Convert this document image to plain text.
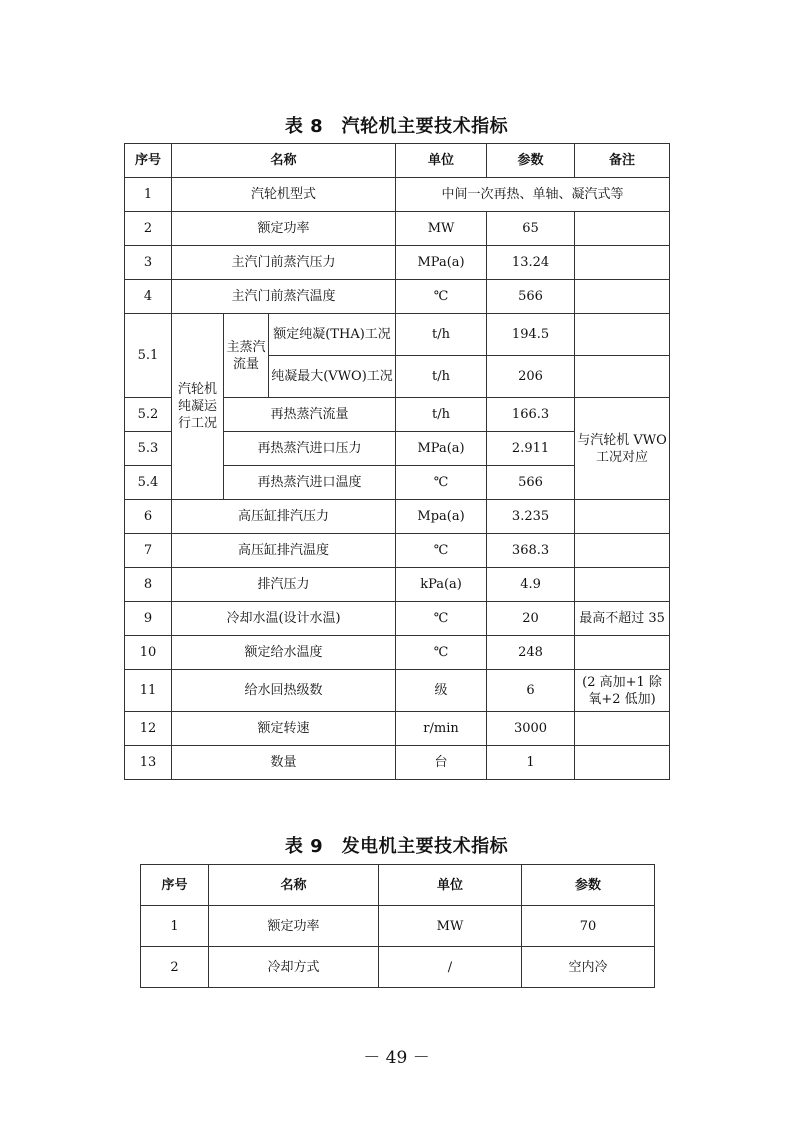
表 8　汽轮机主要技术指标
序号	名称			单位	参数	备注
1	汽轮机型式			中间一次再热、单轴、凝汽式等		
2	额定功率			MW	65	
3	主汽门前蒸汽压力			MPa(a)	13.24	
4	主汽门前蒸汽温度			℃	566	
5.1	汽轮机纯凝运行工况	主蒸汽流量	额定纯凝(THA)工况	t/h	194.5	
			纯凝最大(VWO)工况	t/h	206	
5.2		再热蒸汽流量		t/h	166.3	与汽轮机 VWO 工况对应
5.3		再热蒸汽进口压力		MPa(a)	2.911	
5.4		再热蒸汽进口温度		℃	566	
6	高压缸排汽压力			Mpa(a)	3.235	
7	高压缸排汽温度			℃	368.3	
8	排汽压力			kPa(a)	4.9	
9	冷却水温(设计水温)			℃	20	最高不超过 35
10	额定给水温度			℃	248	
11	给水回热级数			级	6	(2 高加+1 除氧+2 低加)
12	额定转速			r/min	3000	
13	数量			台	1	
表 9　发电机主要技术指标
序号	名称	单位	参数
1	额定功率	MW	70
2	冷却方式	/	空内冷
－ 49 －
